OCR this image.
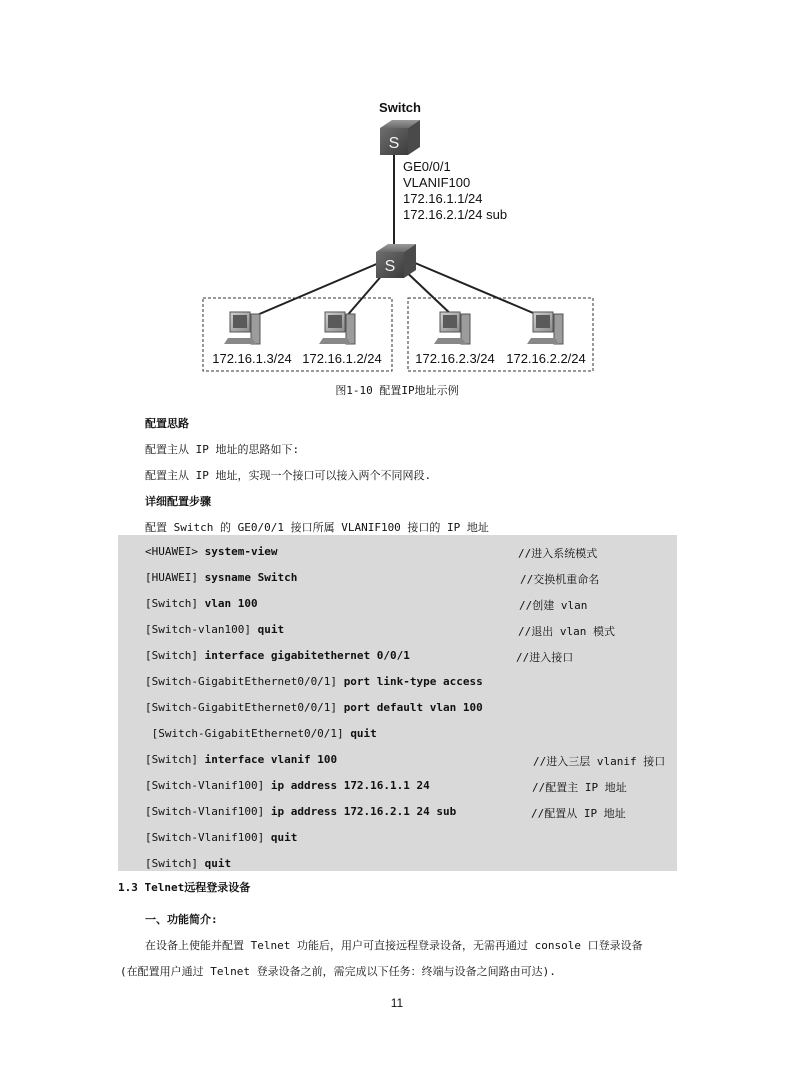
Switch
S
GE0/0/1
VLANIF100
172.16.1.1/24
172.16.2.1/24 sub
S
172.16.1.3/24 172.16.1.2/24	172.16.2.3/24 172.16.2.2/24
图1-10 配置IP地址示例
配置思路
配置主从 IP 地址的思路如下:
配置主从 IP 地址，实现一个接口可以接入两个不同网段.
详细配置步骤
配置 Switch 的 GE0/0/1 接口所属 VLANIF100 接口的 IP 地址
<HUAWEI> system-view	//进入系统模式
[HUAWEI] sysname Switch	//交换机重命名
[Switch] vlan 100	//创建 vlan
[Switch-vlan100] quit	//退出 vlan 模式
[Switch] interface gigabitethernet 0/0/1	//进入接口
[Switch-GigabitEthernet0/0/1] port link-type access
[Switch-GigabitEthernet0/0/1] port default vlan 100
[Switch-GigabitEthernet0/0/1] quit
[Switch] interface vlanif 100	//进入三层 vlanif 接口
[Switch-Vlanif100] ip address 172.16.1.1 24	//配置主 IP 地址
[Switch-Vlanif100] ip address 172.16.2.1 24 sub	//配置从 IP 地址
[Switch-Vlanif100] quit
[Switch] quit
1.3 Telnet远程登录设备
一、功能简介:
在设备上使能并配置 Telnet 功能后，用户可直接远程登录设备，无需再通过 console 口登录设备
(在配置用户通过 Telnet 登录设备之前，需完成以下任务：终端与设备之间路由可达).
11
